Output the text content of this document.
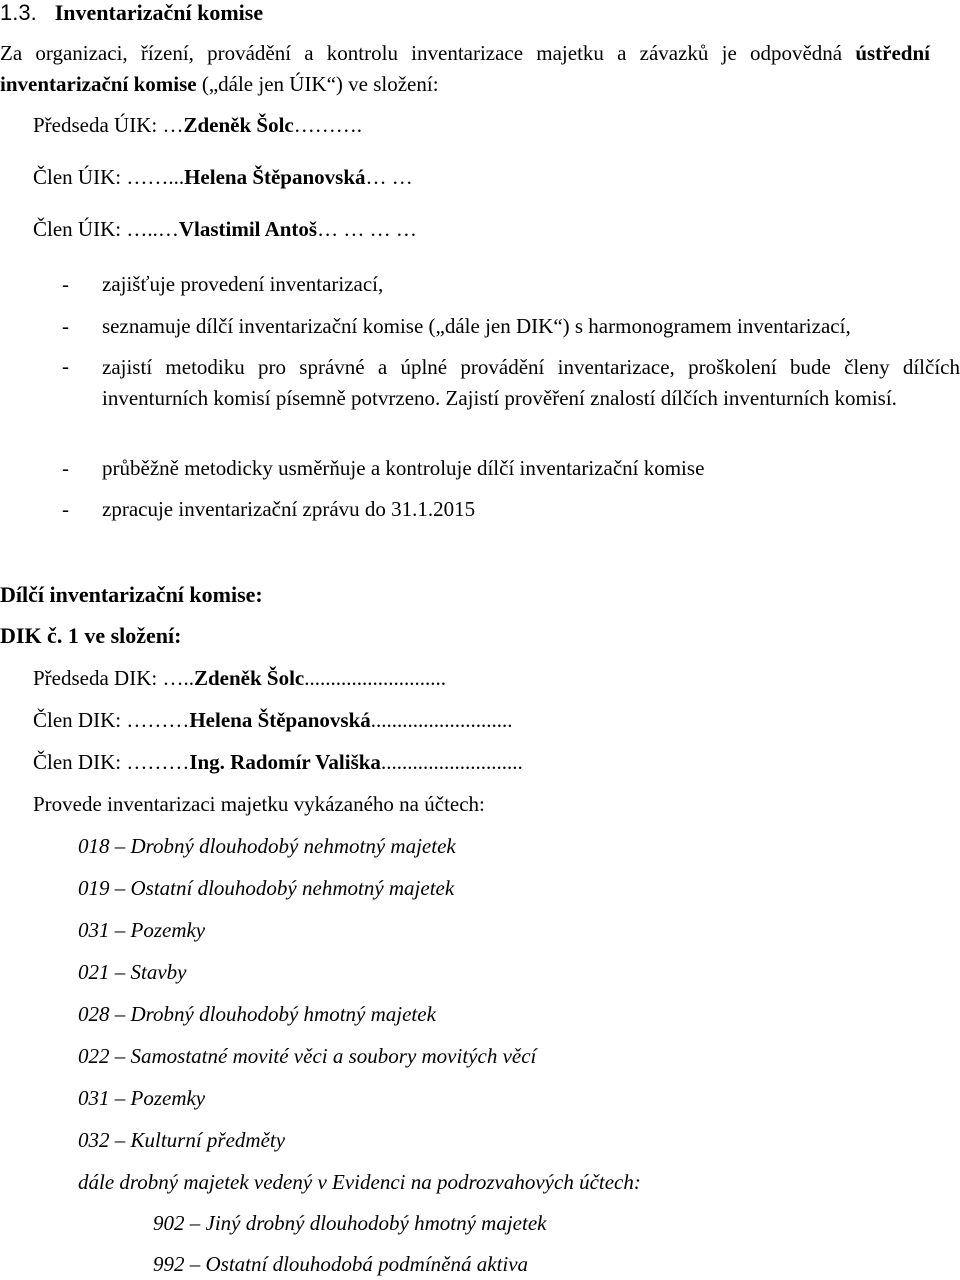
1.3. Inventarizační komise
Za organizaci, řízení, provádění a kontrolu inventarizace majetku a závazků je odpovědná ústřední inventarizační komise („dále jen ÚIK“) ve složení:
Předseda ÚIK: …Zdeněk Šolc……….
Člen ÚIK: ……...Helena Štěpanovská… …
Člen ÚIK: …..…Vlastimil Antoš… … … …
- zajišťuje provedení inventarizací,
- seznamuje dílčí inventarizační komise („dále jen DIK“) s harmonogramem inventarizací,
- zajistí metodiku pro správné a úplné provádění inventarizace, proškolení bude členy dílčích inventurních komisí písemně potvrzeno. Zajistí prověření znalostí dílčích inventurních komisí.
- průběžně metodicky usměrňuje a kontroluje dílčí inventarizační komise
- zpracuje inventarizační zprávu do 31.1.2015
Dílčí inventarizační komise:
DIK č. 1 ve složení:
Předseda DIK: …..Zdeněk Šolc...........................
Člen DIK: ………Helena Štěpanovská...........................
Člen DIK: ………Ing. Radomír Vališka...........................
Provede inventarizaci majetku vykázaného na účtech:
018 – Drobný dlouhodobý nehmotný majetek
019 – Ostatní dlouhodobý nehmotný majetek
031 – Pozemky
021 – Stavby
028 – Drobný dlouhodobý hmotný majetek
022 – Samostatné movité věci a soubory movitých věcí
031 – Pozemky
032 – Kulturní předměty
dále drobný majetek vedený v Evidenci na podrozvahových účtech:
902 – Jiný drobný dlouhodobý hmotný majetek
992 – Ostatní dlouhodobá podmíněná aktiva
